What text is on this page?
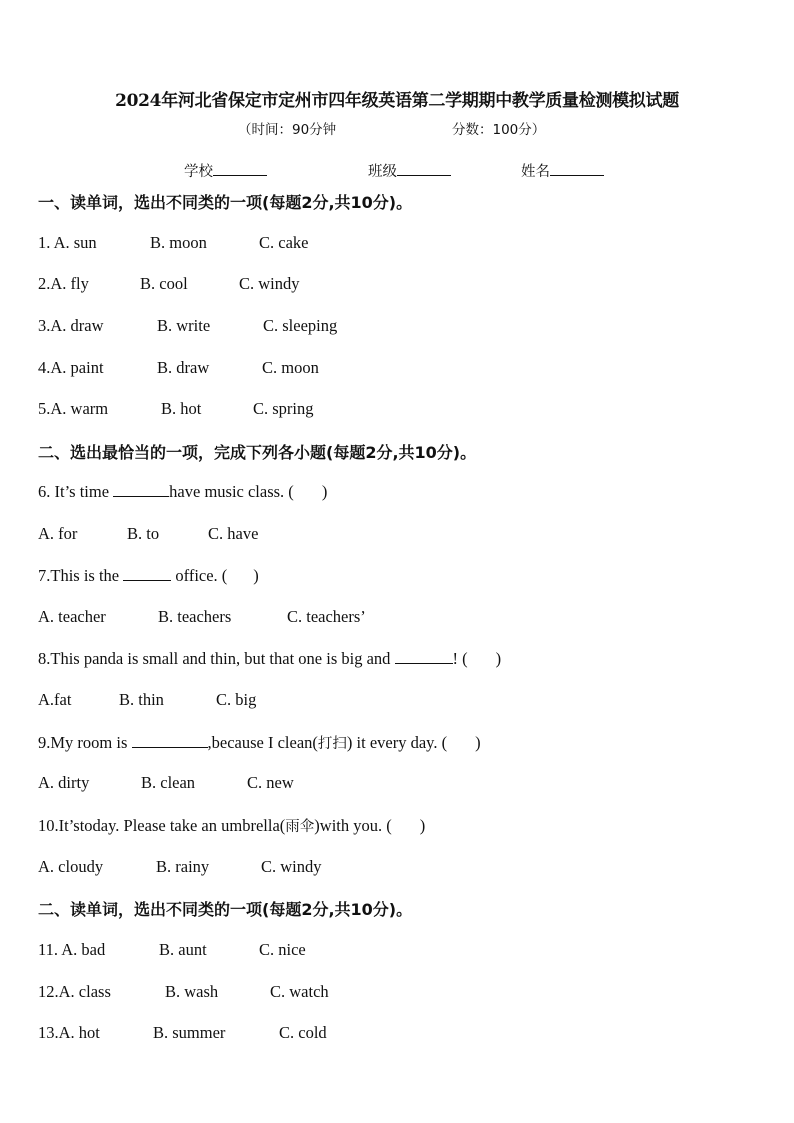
2024年河北省保定市定州市四年级英语第二学期期中教学质量检测模拟试题
（时间：90分钟	分数：100分）
学校	班级	姓名
一、读单词，选出不同类的一项(每题2分,共10分)。
1. A. sun	B. moon	C. cake
2.A. fly	B. cool	C. windy
3.A. draw	B. write	C. sleeping
4.A. paint	B. draw	C. moon
5.A. warm	B. hot	C. spring
二、选出最恰当的一项，完成下列各小题(每题2分,共10分)。
6. It’s time	have music class. ( )
A. for	B. to	C. have
7.This is the	office. ( )
A. teacher	B. teachers	C. teachers’
8.This panda is small and thin, but that one is big and	! ( )
A.fat	B. thin	C. big
9.My room is	,because I clean(打扫) it every day. ( )
A. dirty	B. clean	C. new
10.It’stoday. Please take an umbrella(雨伞)with you. ( )
A. cloudy	B. rainy	C. windy
二、读单词，选出不同类的一项(每题2分,共10分)。
11. A. bad	B. aunt	C. nice
12.A. class	B. wash	C. watch
13.A. hot	B. summer	C. cold
